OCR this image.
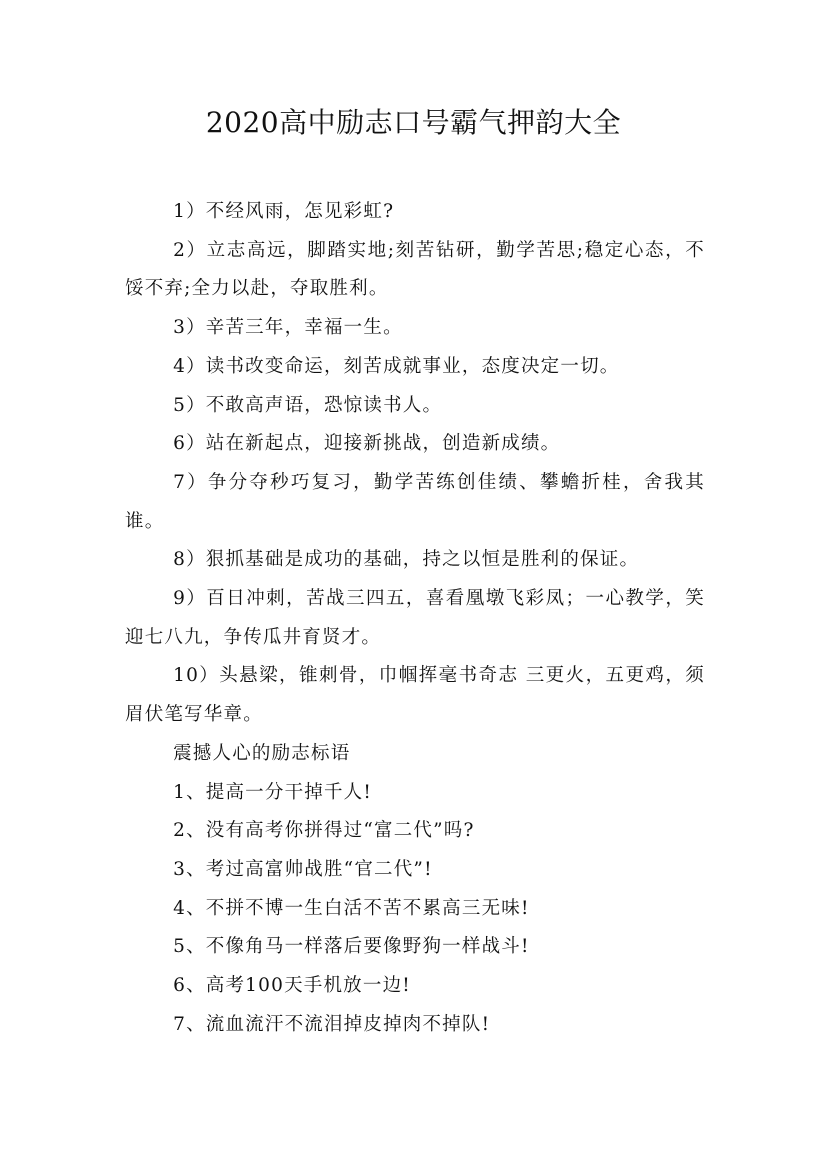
2020高中励志口号霸气押韵大全

1）不经风雨，怎见彩虹?

2）立志高远，脚踏实地;刻苦钻研，勤学苦思;稳定心态，不馁不弃;全力以赴，夺取胜利。

3）辛苦三年，幸福一生。

4）读书改变命运，刻苦成就事业，态度决定一切。

5）不敢高声语，恐惊读书人。

6）站在新起点，迎接新挑战，创造新成绩。

7）争分夺秒巧复习，勤学苦练创佳绩、攀蟾折桂，舍我其谁。

8）狠抓基础是成功的基础，持之以恒是胜利的保证。

9）百日冲刺，苦战三四五，喜看凰墩飞彩凤；一心教学，笑迎七八九，争传瓜井育贤才。

10）头悬梁，锥刺骨，巾帼挥毫书奇志 三更火，五更鸡，须眉伏笔写华章。

震撼人心的励志标语

1、提高一分干掉千人!

2、没有高考你拼得过“富二代”吗?

3、考过高富帅战胜“官二代”!

4、不拼不博一生白活不苦不累高三无味!

5、不像角马一样落后要像野狗一样战斗!

6、高考100天手机放一边!

7、流血流汗不流泪掉皮掉肉不掉队!
